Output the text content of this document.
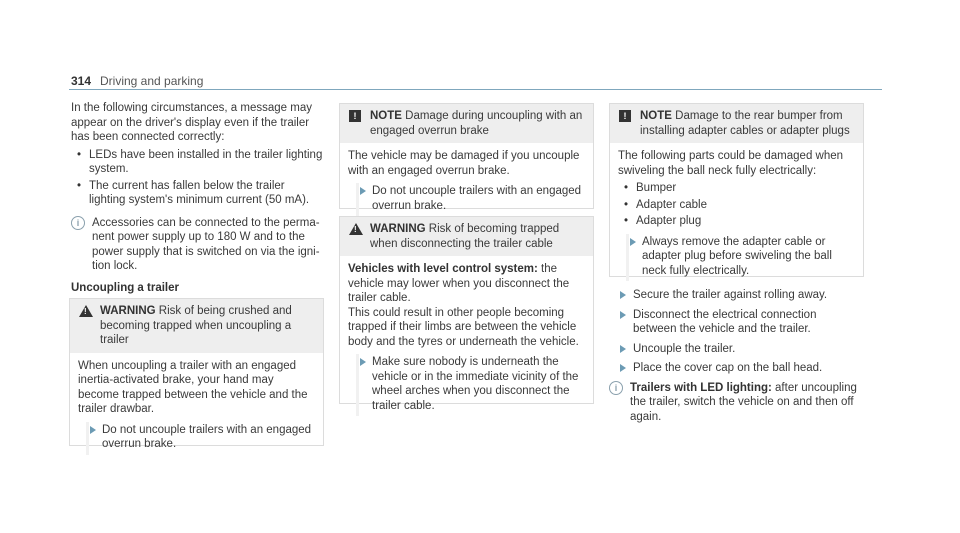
314 Driving and parking

In the following circumstances, a message may appear on the driver's display even if the trailer has been connected correctly:

• LEDs have been installed in the trailer lighting system.
• The current has fallen below the trailer lighting system's minimum current (50 mA).
i	Accessories can be connected to the perma-nent power supply up to 180 W and to the power supply that is switched on via the igni-tion lock.

Uncoupling a trailer

! WARNING Risk of being crushed and becoming trapped when uncoupling a trailer

When uncoupling a trailer with an engaged inertia-activated brake, your hand may become trapped between the vehicle and the trailer drawbar.

Do not uncouple trailers with an engaged overrun brake.

!	NOTE Damage during uncoupling with an engaged overrun brake

The vehicle may be damaged if you uncouple with an engaged overrun brake.

Do not uncouple trailers with an engaged overrun brake.

! WARNING Risk of becoming trapped when disconnecting the trailer cable

Vehicles with level control system: the vehicle may lower when you disconnect the trailer cable.

This could result in other people becoming trapped if their limbs are between the vehicle body and the tyres or underneath the vehicle.

Make sure nobody is underneath the vehicle or in the immediate vicinity of the wheel arches when you disconnect the trailer cable.

!	NOTE Damage to the rear bumper from installing adapter cables or adapter plugs

The following parts could be damaged when swiveling the ball neck fully electrically:

• Bumper
• Adapter cable
• Adapter plug

Always remove the adapter cable or adapter plug before swiveling the ball neck fully electrically.

Secure the trailer against rolling away.

Disconnect the electrical connection between the vehicle and the trailer.

Uncouple the trailer.

Place the cover cap on the ball head.

i	Trailers with LED lighting: after uncoupling the trailer, switch the vehicle on and then off again.
